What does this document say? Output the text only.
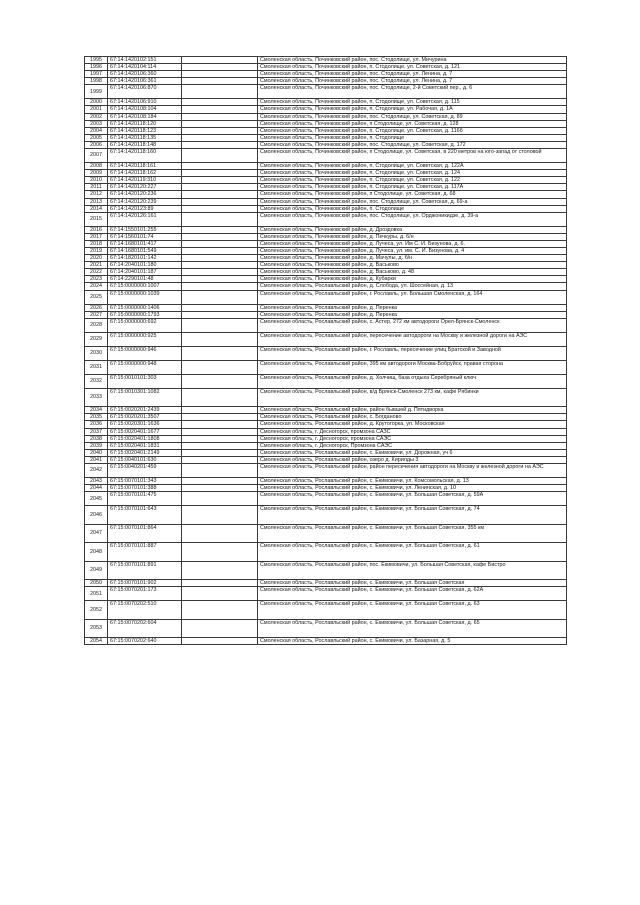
1995	67:14:1420102:151		Смоленская область, Починковский район, пос. Стодолище, ул. Мичурина
1996	67:14:1420104:114		Смоленская область, Починковский район, п. Стодолище, ул. Советская, д. 121
1997	67:14:1420106:360		Смоленская область, Починковский район, пос. Стодолище, ул. Ленина, д. 7
1998	67:14:1420106:361		Смоленская область, Починковский район, пос. Стодолище, ул. Ленина, д. 7
1999	67:14:1420106:870		Смоленская область, Починковский район, пос. Стодолище, 2-й Советский пер., д. 6
2000	67:14:1420106:910		Смоленская область, Починковский район, п. Стодолище, ул. Советская, д. 115
2001	67:14:1420108:104		Смоленская область, Починковский район, п. Стодолище, ул. Рабочая, д. 1А
2002	67:14:1420108:184		Смоленская область, Починковский район, пос. Стодолище, ул. Советская, д. 89
2003	67:14:1420118:120		Смоленская область, Починковский район, п Стодолище, ул. Советская, д. 128
2004	67:14:1420118:123		Смоленская область, Починковский район, п. Стодолище, ул. Советская, д. 116б
2005	67:14:1420118:135		Смоленская область, Починковский район, п. Стодолище
2006	67:14:1420118:148		Смоленская область, Починковский район, пос. Стодолище, ул. Советская, д. 172
2007	67:14:1420118:160		Смоленская область, Починковский район, п Стодолище, ул. Советская, в 220 метров на юго-запад от столовой
2008	67:14:1420118:161		Смоленская область, Починковский район, п. Стодолище, ул. Советская, д. 122А
2009	67:14:1420118:162		Смоленская область, Починковский район, п. Стодолище, ул. Советская, д. 124
2010	67:14:1420119:310		Смоленская область, Починковский район, п. Стодолище, ул. Советская, д. 122
2011	67:14:1420120:227		Смоленская область, Починковский район, п. Стодолище, ул. Советская, д. 117А
2012	67:14:1420120:236		Смоленская область, Починковский район, п Стодолище, ул. Советская, д. 68
2013	67:14:1420120:239		Смоленская область, Починковский район, пос. Стодолище, ул. Советская, д. 69-а
2014	67:14:1420123:89		Смоленская область, Починковский район, п. Стодолище
2015	67:14:1420126:161		Смоленская область, Починковский район, пос. Стодолище, ул. Орджоникидзе, д. 39-а
2016	67:14:1550101:255		Смоленская область, Починковский район, д. Дроздовка
2017	67:14:1560101:74		Смоленская область, Починковский район, д. Печкуры, д. 6/н
2018	67:14:1680101:417		Смоленская область, Починковский район, д. Лучеса, ул. Им С. И. Бизунова, д. 6.
2019	67:14:1680101:549		Смоленская область, Починковский район, д. Лучеса, ул. им. С. И. Бизунова, д. 4
2020	67:14:1820101:142		Смоленская область, Починковский район, д. Мачулы, д. б/н
2021	67:14:2040101:180		Смоленская область, Починковский район, д. Васьково
2022	67:14:2040101:187		Смоленская область, Починковский район, д. Васьково, д. 48
2023	67:14:2290101:48		Смоленская область, Починковский район, д. Кубарки
2024	67:15:0000000:1007		Смоленская область, Рославльский район, д. Слобода, ул. Шоссейная, д. 13
2025	67:15:0000000:1039		Смоленская область, Рославльский район, г. Рославль, ул. Большая Смоленская, д. 164
2026	67:15:0000000:1406		Смоленская область, Рославльский район, д. Перенка
2027	67:15:0000000:1793		Смоленская область, Рославльский район, д. Перенка
2028	67:15:0000000:692		Смоленская область, Рославльский район, с. Астер, 272 км автодороги Орел-Брянск-Смоленск
2029	67:15:0000000:925		Смоленская область, Рославльский район, пересечение автодороги на Москву и железной дороги на АЭС
2030	67:15:0000000:946		Смоленская область, Рославльский район, г. Рославль, пересечение улиц Братской и Заводной
2031	67:15:0000000:948		Смоленская область, Рославльский район, 395 км автодороги Москва-Бобруйск, правая сторона
2032	67:15:0010101:303		Смоленская область, Рославльский район, д. Холчищ, база отдыха Серебряный ключ
2033	67:15:0010301:1082		Смоленская область, Рославльский район, в/д Брянск-Смоленск 273 км, кафе Рябинки
2034	67:15:0020201:2439		Смоленская область, Рославльский район, район бывшей д. Пятидворка
2035	67:15:0020201:3507		Смоленская область, Рославльский район, с. Богданово
2036	67:15:0020301:1636		Смоленская область, Рославльский район, д. Крутогорка, ул. Московская
2037	67:15:0020401:1677		Смоленская область, г. Десногорск, промзона САЗС
2038	67:15:0020401:1808		Смоленская область, г. Десногорск, промзона САЭС
2039	67:15:0020401:1831		Смоленская область, г. Десногорск, Промзона САЭС
2040	67:15:0020401:2149		Смоленская область, Рославльский район, с. Екимовичи, ул. Дорожная, уч 6
2041	67:15:0040101:630		Смоленская область, Рославльский район, озеро д. Кирилды 3
2042	67:15:0040201:459		Смоленская область, Рославльский район, район пересечения автодороги на Москву и железной дороги на АЭС
2043	67:15:0070101:343		Смоленская область, Рославльский район, с. Екимовичи, ул. Комсомольская, д. 13
2044	67:15:0070101:388		Смоленская область, Рославльский район, с. Екимовичи, ул. Ленинская, д. 10
2045	67:15:0070101:475		Смоленская область, Рославльский район, с. Екимовичи, ул. Большая Советская, д. 59А
2046	67:15:0070101:643		Смоленская область, Рославльский район, с. Екимовичи, ул. Большая Советская, д. 74
2047	67:15:0070101:864		Смоленская область, Рославльский район, с. Екимовичи, ул. Большая Советская, 355 км
2048	67:15:0070101:887		Смоленская область, Рославльский район, с. Екимовичи, ул. Большая Советская, д. 61
2049	67:15:0070101:891		Смоленская область, Рославльский район, пос. Екимовичи, ул. Большая Советская, кафе Бистро
2050	67:15:0070101:902		Смоленская область, Рославльский район, с. Екимовичи, ул. Большая Советская
2051	67:15:0070201:173		Смоленская область, Рославльский район, с. Екимовичи, ул. Большая Советская, д. 62А
2052	67:15:0070202:510		Смоленская область, Рославльский район, с. Екимовичи, ул. Большая Советская, д. 63
2053	67:15:0070202:604		Смоленская область, Рославльский район, с. Екимовичи, ул. Большая Советская, д. 65
2054	67:15:0070202:640		Смоленская область, Рославльский район, с. Екимовичи, ул. Базарная, д. 5
